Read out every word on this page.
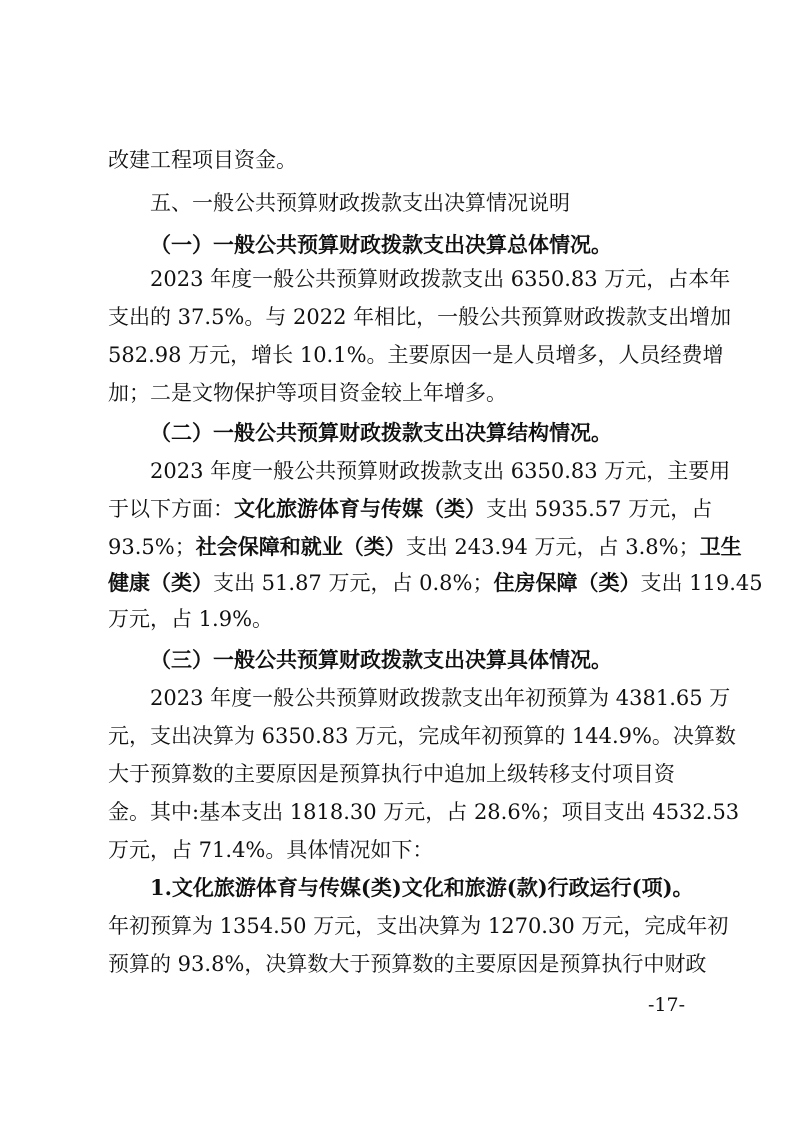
改建工程项目资金。
五、一般公共预算财政拨款支出决算情况说明
（一）一般公共预算财政拨款支出决算总体情况。
2023 年度一般公共预算财政拨款支出 6350.83 万元，占本年
支出的 37.5%。与 2022 年相比，一般公共预算财政拨款支出增加
582.98 万元，增长 10.1%。主要原因一是人员增多，人员经费增
加；二是文物保护等项目资金较上年增多。
（二）一般公共预算财政拨款支出决算结构情况。
2023 年度一般公共预算财政拨款支出 6350.83 万元，主要用
于以下方面：文化旅游体育与传媒（类）支出 5935.57 万元，占
93.5%；社会保障和就业（类）支出 243.94 万元，占 3.8%；卫生
健康（类）支出 51.87 万元，占 0.8%；住房保障（类）支出 119.45
万元，占 1.9%。
（三）一般公共预算财政拨款支出决算具体情况。
2023 年度一般公共预算财政拨款支出年初预算为 4381.65 万
元，支出决算为 6350.83 万元，完成年初预算的 144.9%。决算数
大于预算数的主要原因是预算执行中追加上级转移支付项目资
金。其中:基本支出 1818.30 万元，占 28.6%；项目支出 4532.53
万元，占 71.4%。具体情况如下：
1.文化旅游体育与传媒(类)文化和旅游(款)行政运行(项)。
年初预算为 1354.50 万元，支出决算为 1270.30 万元，完成年初
预算的 93.8%，决算数大于预算数的主要原因是预算执行中财政
-17-
